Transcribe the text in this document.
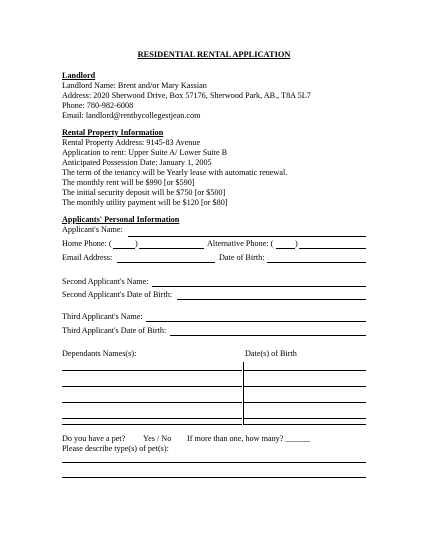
RESIDENTIAL RENTAL APPLICATION
Landlord
Landlord Name: Brent and/or Mary Kassian
Address: 2020 Sherwood Drive, Box 57176, Sherwood Park, AB., T8A 5L7
Phone: 780-982-6008
Email: landlord@rentbycollegestjean.com
Rental Property Information
Rental Property Address: 9145-83 Avenue
Application to rent: Upper Suite A/ Lower Suite B
Anticipated Possession Date: January 1, 2005
The term of the tenancy will be Yearly lease with automatic renewal.
The monthly rent will be $990 [or $590]
The initial security deposit will be $750 [or $500]
The monthly utility payment will be $120 [or $80]
Applicants' Personal Information
Applicant's Name:
Home Phone: (	)	Alternative Phone: (	)
Email Address:	Date of Birth:
Second Applicant's Name:
Second Applicant's Date of Birth:
Third Applicant's Name:
Third Applicant's Date of Birth:
Dependants Names(s):	Date(s) of Birth
Do you have a pet? Yes / No If more than one, how many? ______
Please describe type(s) of pet(s):
